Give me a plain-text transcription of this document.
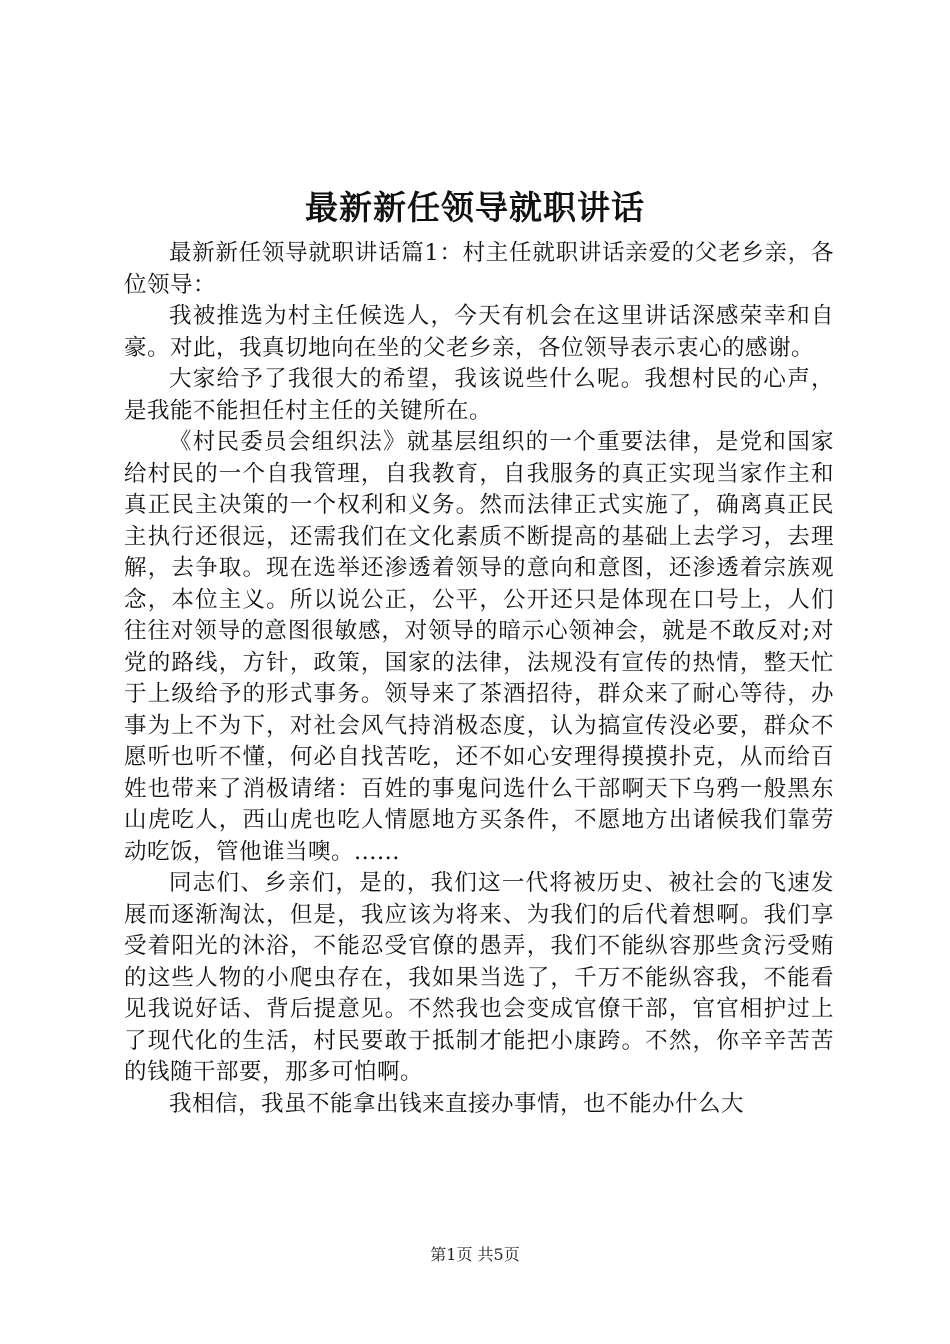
最新新任领导就职讲话

最新新任领导就职讲话篇1：村主任就职讲话亲爱的父老乡亲，各位领导：

我被推选为村主任候选人，今天有机会在这里讲话深感荣幸和自豪。对此，我真切地向在坐的父老乡亲，各位领导表示衷心的感谢。

大家给予了我很大的希望，我该说些什么呢。我想村民的心声，是我能不能担任村主任的关键所在。

《村民委员会组织法》就基层组织的一个重要法律，是党和国家给村民的一个自我管理，自我教育，自我服务的真正实现当家作主和真正民主决策的一个权利和义务。然而法律正式实施了，确离真正民主执行还很远，还需我们在文化素质不断提高的基础上去学习，去理解，去争取。现在选举还渗透着领导的意向和意图，还渗透着宗族观念，本位主义。所以说公正，公平，公开还只是体现在口号上，人们往往对领导的意图很敏感，对领导的暗示心领神会，就是不敢反对;对党的路线，方针，政策，国家的法律，法规没有宣传的热情，整天忙于上级给予的形式事务。领导来了茶酒招待，群众来了耐心等待，办事为上不为下，对社会风气持消极态度，认为搞宣传没必要，群众不愿听也听不懂，何必自找苦吃，还不如心安理得摸摸扑克，从而给百姓也带来了消极请绪：百姓的事鬼问选什么干部啊天下乌鸦一般黑东山虎吃人，西山虎也吃人情愿地方买条件，不愿地方出诸候我们靠劳动吃饭，管他谁当噢。......

同志们、乡亲们，是的，我们这一代将被历史、被社会的飞速发展而逐渐淘汰，但是，我应该为将来、为我们的后代着想啊。我们享受着阳光的沐浴，不能忍受官僚的愚弄，我们不能纵容那些贪污受贿的这些人物的小爬虫存在，我如果当选了，千万不能纵容我，不能看见我说好话、背后提意见。不然我也会变成官僚干部，官官相护过上了现代化的生活，村民要敢于抵制才能把小康跨。不然，你辛辛苦苦的钱随干部要，那多可怕啊。

我相信，我虽不能拿出钱来直接办事情，也不能办什么大

第1页 共5页
